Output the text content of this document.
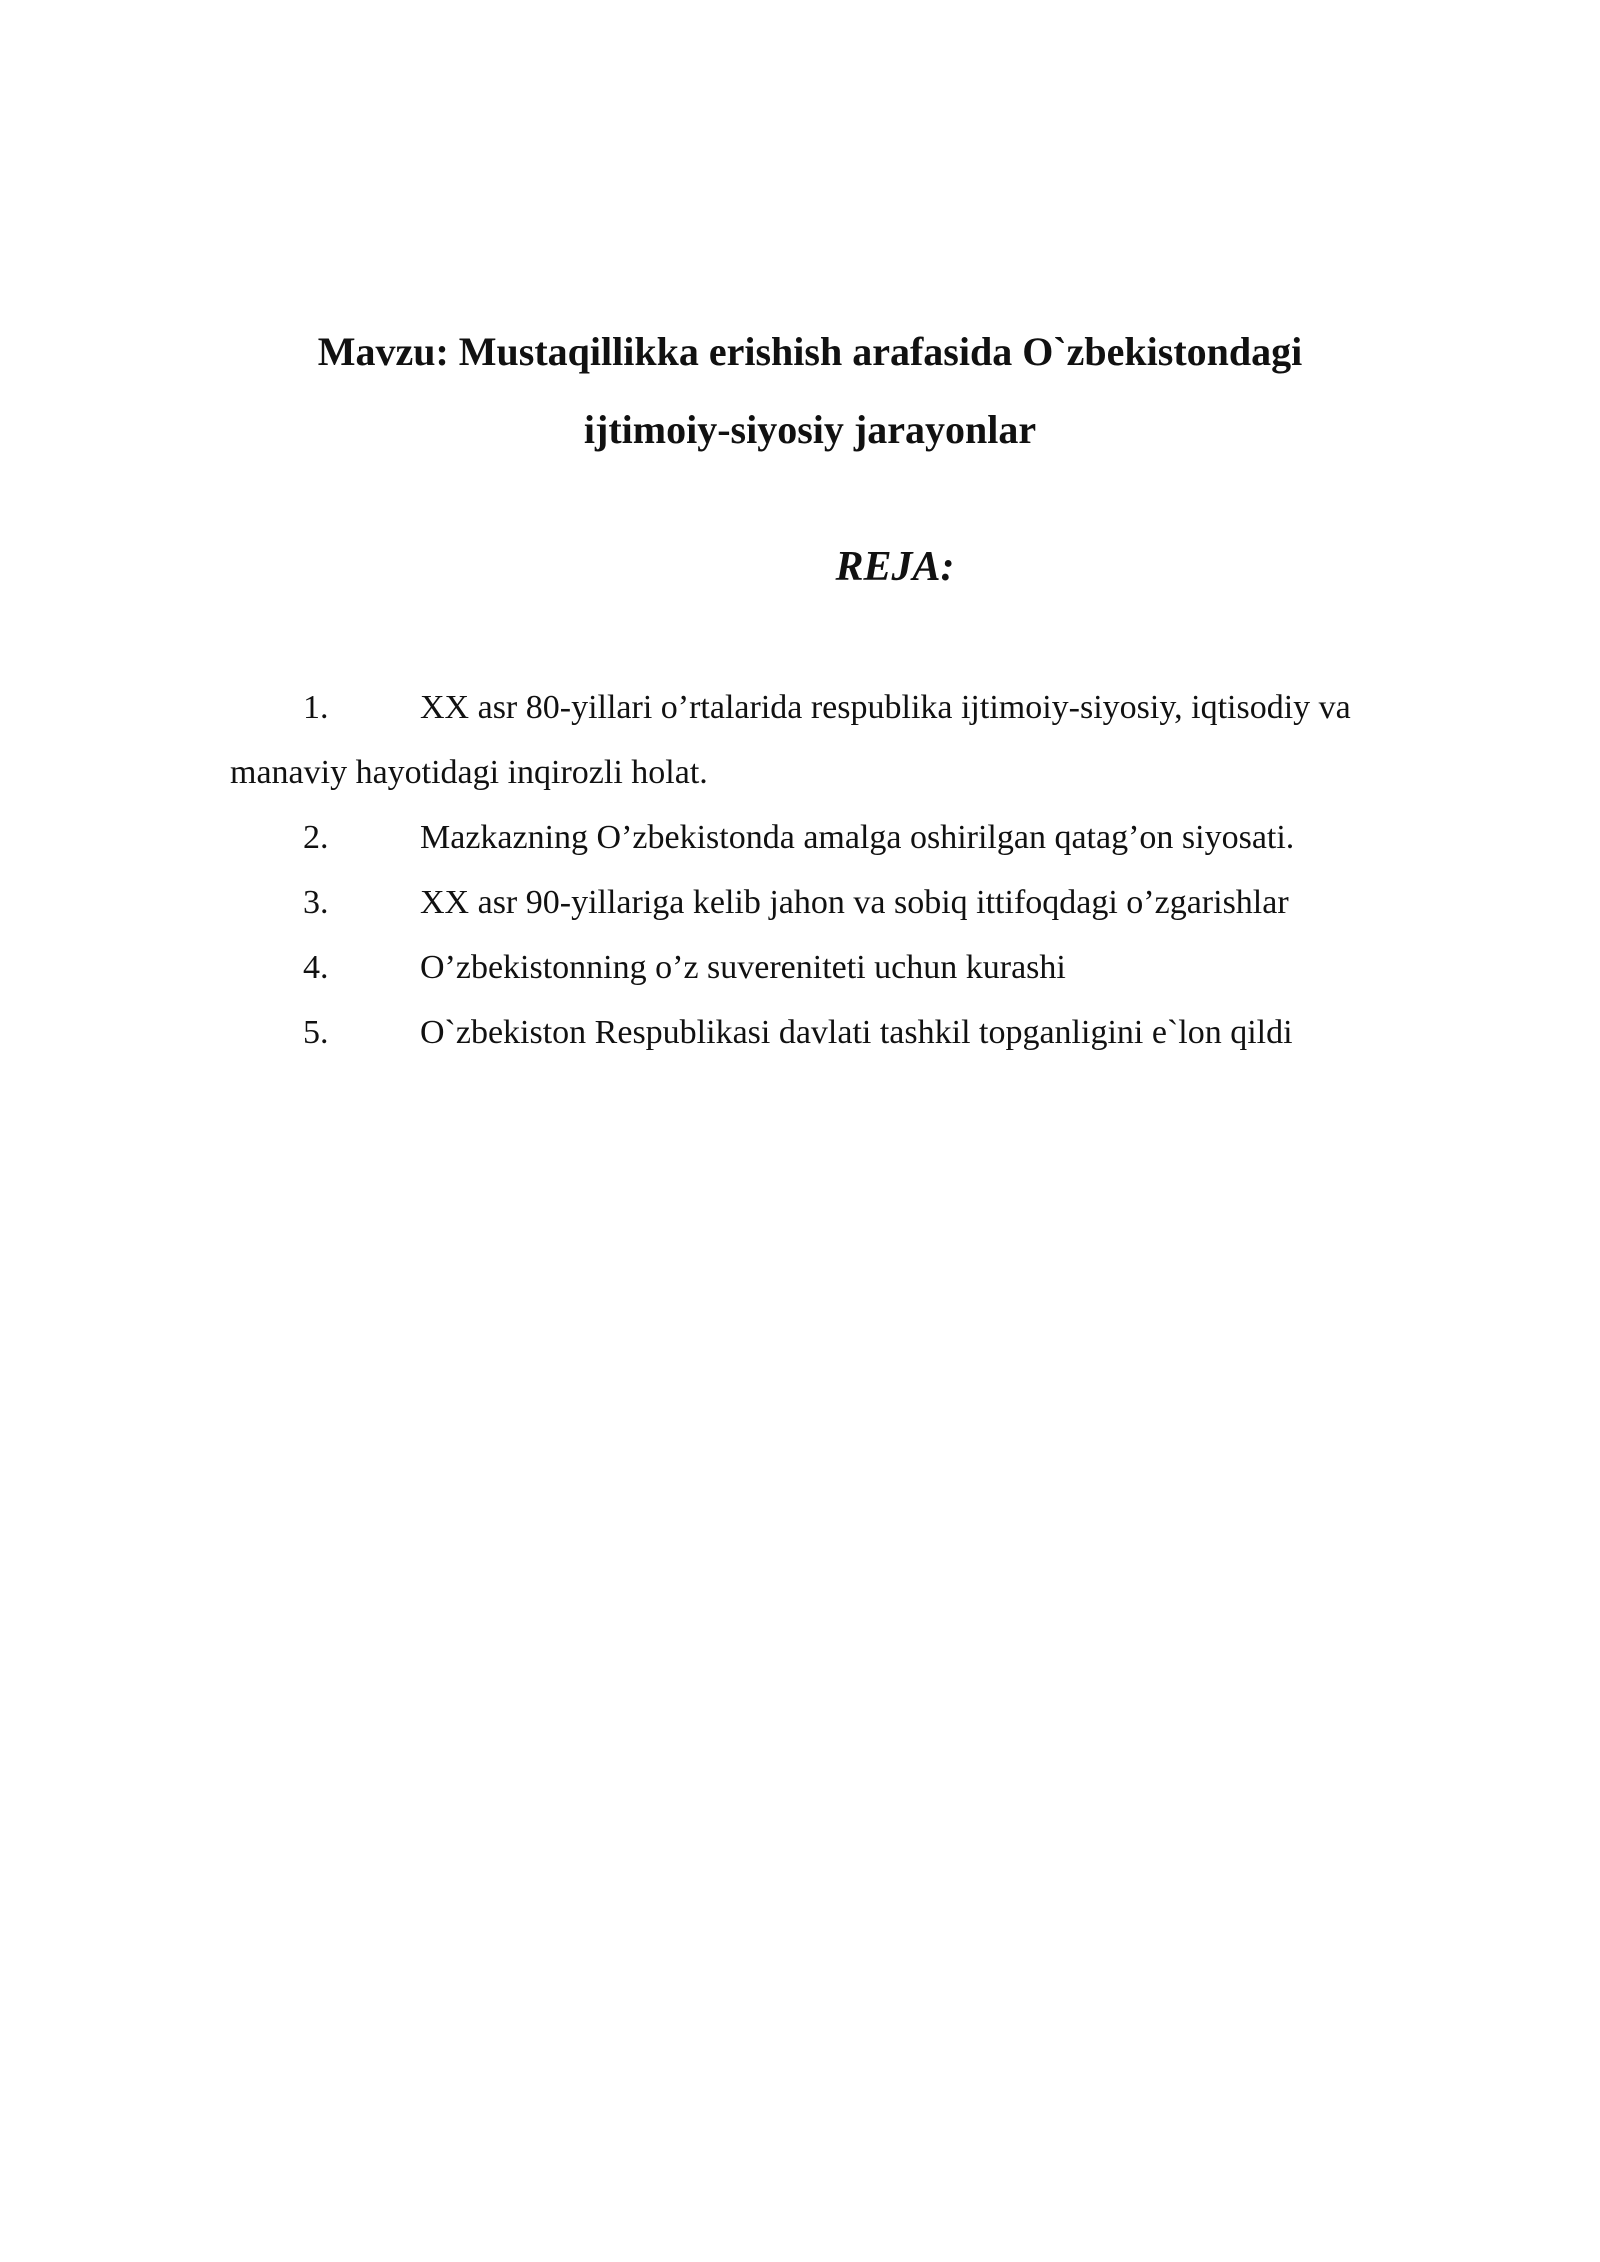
Mavzu: Mustaqillikka erishish arafasida O`zbekistondagi
ijtimoiy-siyosiy jarayonlar
REJA:
1.	XX asr 80-yillari o’rtalarida respublika ijtimoiy-siyosiy, iqtisodiy va
manaviy hayotidagi inqirozli holat.
2.	Mazkazning O’zbekistonda amalga oshirilgan qatag’on siyosati.
3.	XX asr 90-yillariga kelib jahon va sobiq ittifoqdagi o’zgarishlar
4.	O’zbekistonning o’z suvereniteti uchun kurashi
5.	O`zbekiston Respublikasi davlati tashkil topganligini e`lon qildi
